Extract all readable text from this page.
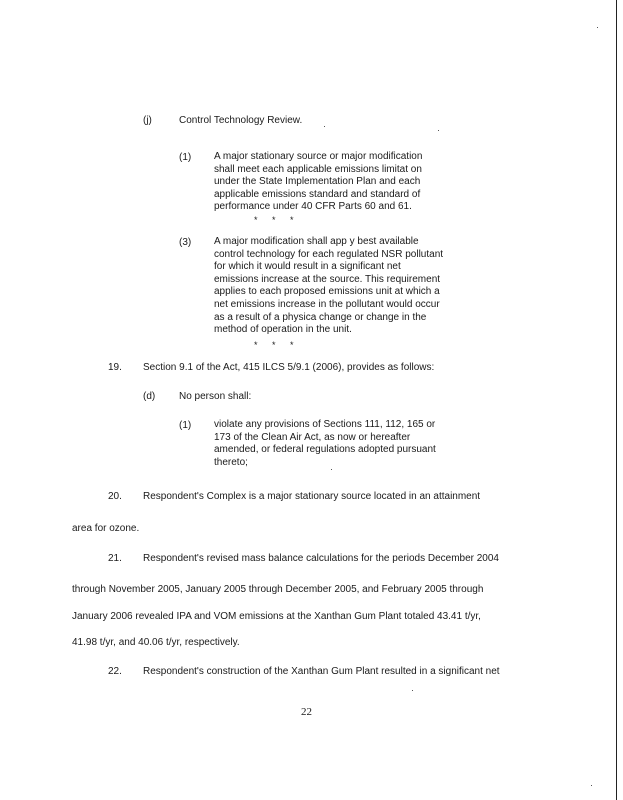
(j)	Control Technology Review.
(1) A major stationary source or major modification
shall meet each applicable emissions limitat on
under the State Implementation Plan and each
applicable emissions standard and standard of
performance under 40 CFR Parts 60 and 61.
* * *
(3) A major modification shall app y best available
control technology for each regulated NSR pollutant
for which it would result in a significant net
emissions increase at the source. This requirement
applies to each proposed emissions unit at which a
net emissions increase in the pollutant would occur
as a result of a physica change or change in the
method of operation in the unit.
* * *
19. Section 9.1 of the Act, 415 ILCS 5/9.1 (2006), provides as follows:
(d) No person shall:
(1) violate any provisions of Sections 111, 112, 165 or
173 of the Clean Air Act, as now or hereafter
amended, or federal regulations adopted pursuant
thereto;
20. Respondent's Complex is a major stationary source located in an attainment
area for ozone.
21. Respondent's revised mass balance calculations for the periods December 2004
through November 2005, January 2005 through December 2005, and February 2005 through
January 2006 revealed IPA and VOM emissions at the Xanthan Gum Plant totaled 43.41 t/yr,
41.98 t/yr, and 40.06 t/yr, respectively.
22. Respondent's construction of the Xanthan Gum Plant resulted in a significant net
22
